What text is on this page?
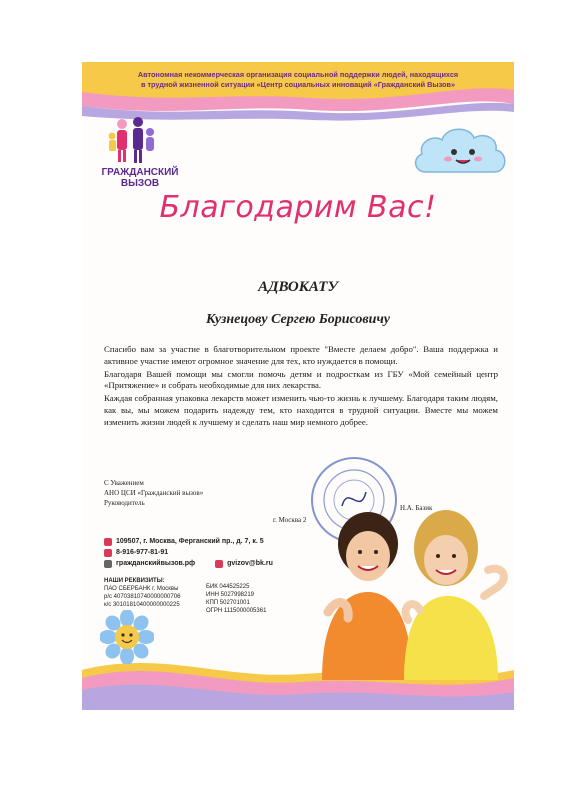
Автономная некоммерческая организация социальной поддержки людей, находящихся
в трудной жизненной ситуации «Центр социальных инноваций «Гражданский Вызов»
ГРАЖДАНСКИЙ
ВЫЗОВ
Благодарим Вас!
АДВОКАТУ
Кузнецову Сергею Борисовичу

Спасибо вам за участие в благотворительном проекте "Вместе делаем добро". Ваша поддержка и активное участие имеют огромное значение для тех, кто нуждается в помощи.

Благодаря Вашей помощи мы смогли помочь детям и подросткам из ГБУ «Мой семейный центр «Притяжение» и собрать необходимые для них лекарства.

Каждая собранная упаковка лекарств может изменить чью-то жизнь к лучшему. Благодаря таким людям, как вы, мы можем подарить надежду тем, кто находится в трудной ситуации. Вместе мы можем изменить жизни людей к лучшему и сделать наш мир немного добрее.

С Уважением
АНО ЦСИ «Гражданский вызов»
Руководитель
г. Москва 2
Н.А. Базик
109507, г. Москва, Ферганский пр., д. 7, к. 5
8-916-977-81-91
гражданскийвызов.рф	gvizov@bk.ru
НАШИ РЕКВИЗИТЫ:
ПАО СБЕРБАНК г. Москвы
р/с 40703810740000000706
к/с 30101810400000000225
БИК 044525225
ИНН 5027998219
КПП 502701001
ОГРН 1115000005361
